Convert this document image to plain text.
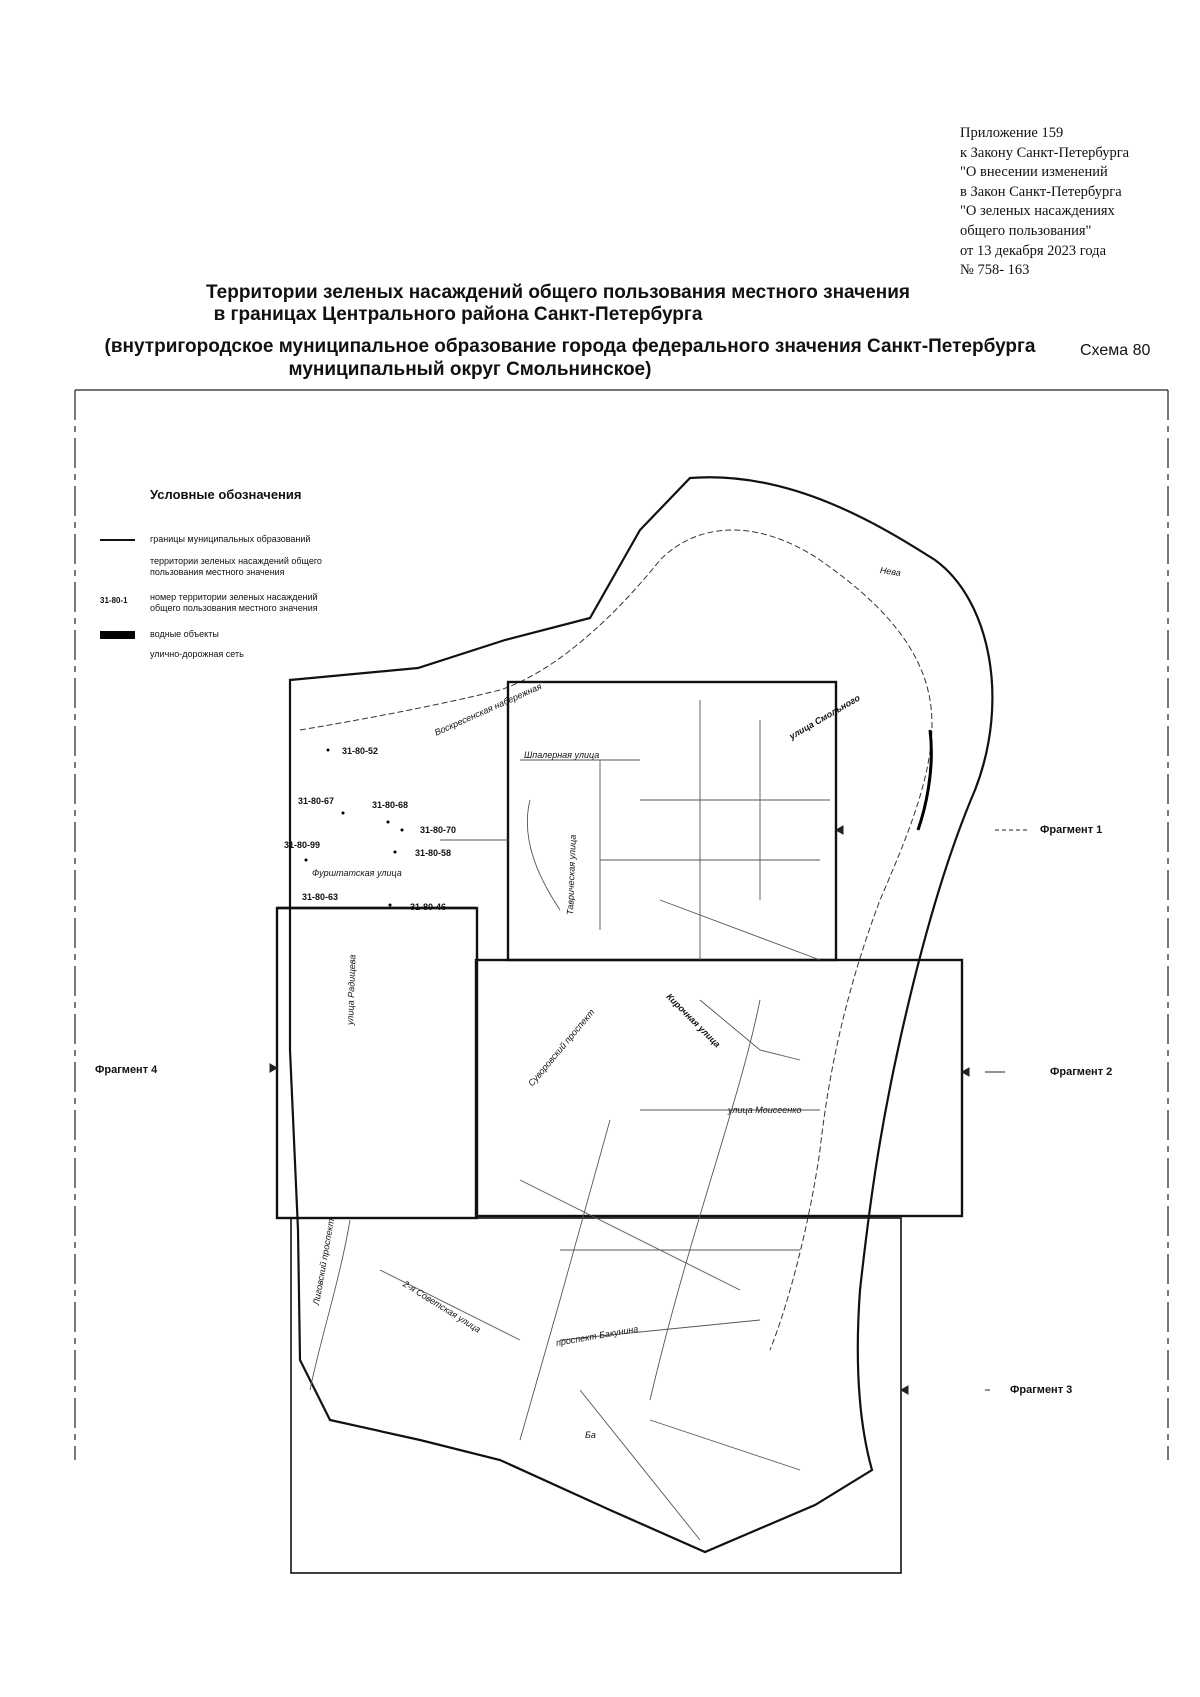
Приложение 159
к Закону Санкт-Петербурга
"О внесении изменений
в Закон Санкт-Петербурга
"О зеленых насаждениях
общего пользования"
от 13 декабря 2023 года
№ 758- 163
Территории зеленых насаждений общего пользования местного значения
в границах Центрального района Санкт-Петербурга
(внутригородское муниципальное образование города федерального значения Санкт-Петербурга
муниципальный округ Смольнинское)
Схема 80
Условные обозначения
границы муниципальных образований
территории зеленых насаждений общего
пользования местного значения
31-80-1 номер территории зеленых насаждений
общего пользования местного значения
водные объекты
улично-дорожная сеть
31-80-52
31-80-67	31-80-68
31-80-70
31-80-99
31-80-58
31-80-63
31-80-46
Нева
Воскресенская набережная
Шпалерная улица
улица Смольного
Таврическая улица
Фурштатская улица
улица Радищева
Суворовский проспект	Кирочная улица
улица Моисеенко
Лиговский проспект
2-я Советская улица
проспект Бакунина
Ба
Фрагмент 1
Фрагмент 2
Фрагмент 3
Фрагмент 4
